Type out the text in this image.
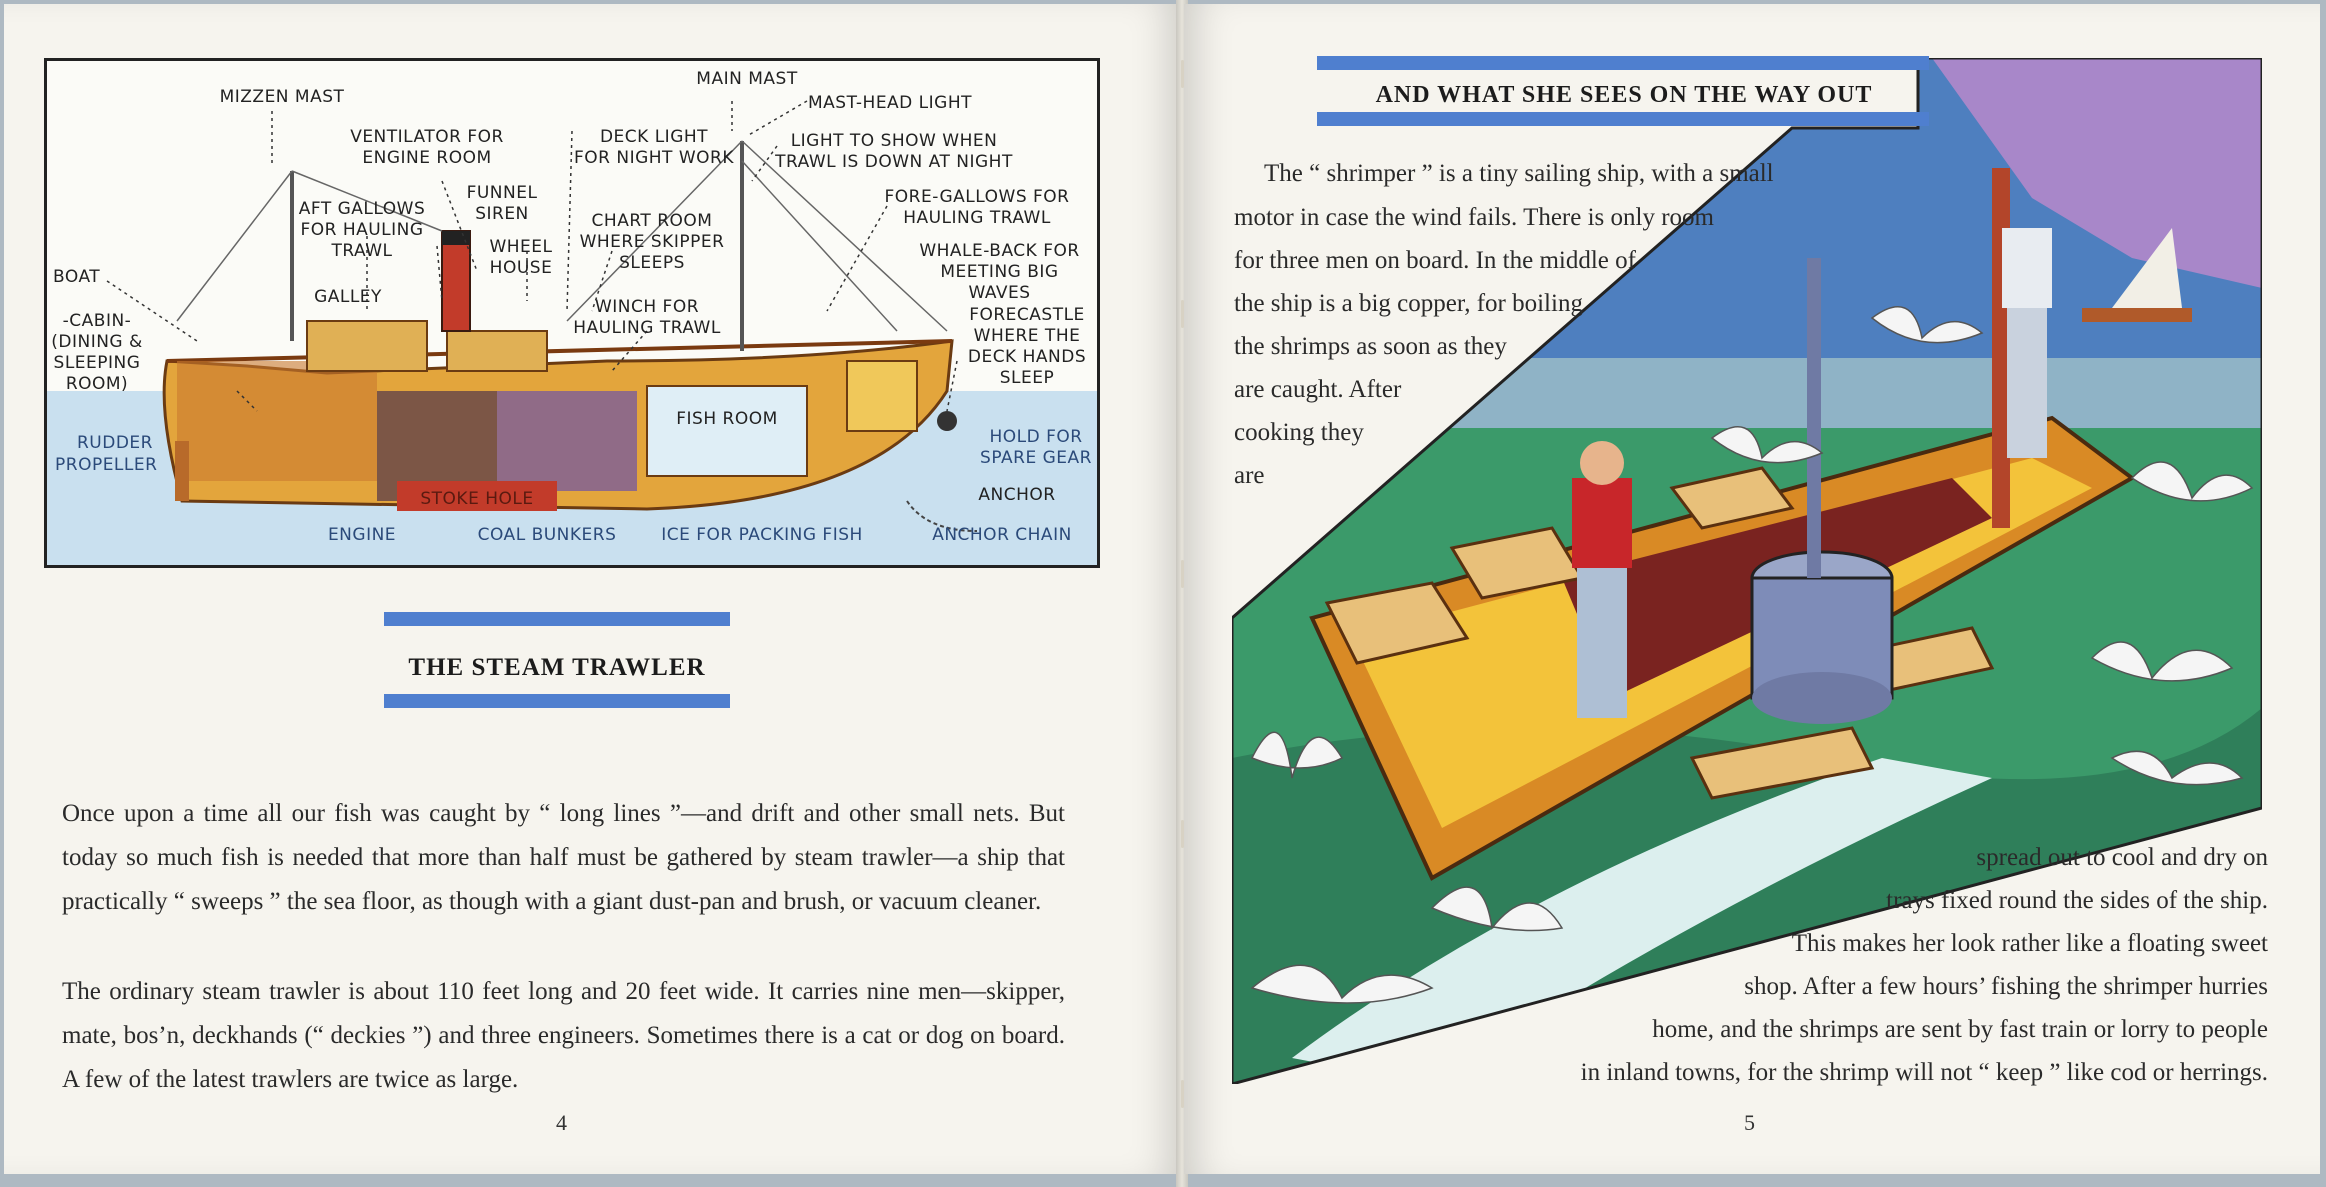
MIZZEN MAST
MAIN MAST
MAST-HEAD LIGHT
VENTILATOR FOR
ENGINE ROOM
DECK LIGHT
FOR NIGHT WORK
LIGHT TO SHOW WHEN
TRAWL IS DOWN AT NIGHT
FUNNEL
SIREN
AFT GALLOWS
FOR HAULING
TRAWL
CHART ROOM
WHERE SKIPPER
SLEEPS
FORE-GALLOWS FOR
HAULING TRAWL
WHEEL
HOUSE
WHALE-BACK FOR
MEETING BIG WAVES
BOAT
GALLEY	WINCH FOR
HAULING TRAWL
-CABIN-
(DINING &
SLEEPING
ROOM)
FORECASTLE
WHERE THE
DECK HANDS
SLEEP
FISH ROOM
RUDDER
PROPELLER
HOLD FOR
SPARE GEAR
STOKE HOLE	ANCHOR
ENGINE	COAL BUNKERS	ICE FOR PACKING FISH	ANCHOR CHAIN
THE STEAM TRAWLER
Once upon a time all our fish was caught by “ long lines ”—and drift and other small nets. But today so much fish is needed that more than half must be gathered by steam trawler—a ship that practically “ sweeps ” the sea floor, as though with a giant dust-pan and brush, or vacuum cleaner.
The ordinary steam trawler is about 110 feet long and 20 feet wide. It carries nine men—skipper, mate, bos’n, deckhands (“ deckies ”) and three engineers. Sometimes there is a cat or dog on board. A few of the latest trawlers are twice as large.
4
AND WHAT SHE SEES ON THE WAY OUT
The “ shrimper ” is a tiny sailing ship, with a small
motor in case the wind fails. There is only room
for three men on board. In the middle of
the ship is a big copper, for boiling
the shrimps as soon as they
are caught. After
cooking they
are
spread out to cool and dry on
trays fixed round the sides of the ship.
This makes her look rather like a floating sweet
shop. After a few hours’ fishing the shrimper hurries
home, and the shrimps are sent by fast train or lorry to people
in inland towns, for the shrimp will not “ keep ” like cod or herrings.
5
